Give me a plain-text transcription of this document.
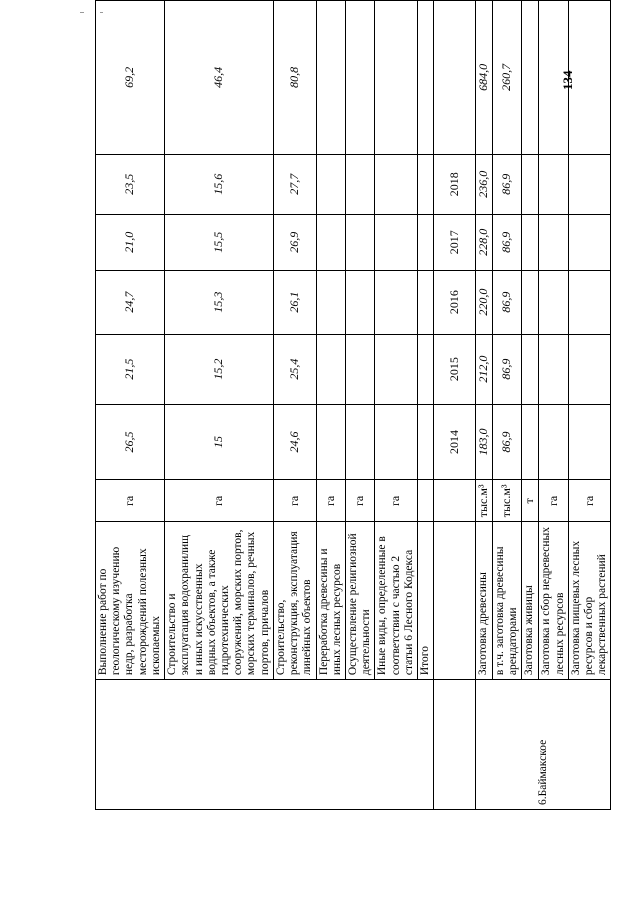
	Выполнение работ по геологическому изучению недр, разработка месторождений полезных ископаемых	га	26,5	21,5	24,7	21,0	23,5	69,2
	Строительство и эксплуатация водохранилищ и иных искусственных водных объектов, а также гидротехнических сооружений, морских портов, морских терминалов, речных портов, причалов	га	15	15,2	15,3	15,5	15,6	46,4
	Строительство, реконструкция, эксплуатация линейных объектов	га	24,6	25,4	26,1	26,9	27,7	80,8
	Переработка древесины и иных лесных ресурсов	га						
	Осуществление религиозной деятельности	га						
	Иные виды, определенные в соответствии с частью 2 статьи 6 Лесного Кодекса	га						
	Итого							
			2014	2015	2016	2017	2018	
6.Баймакское	Заготовка древесины	тыс.м³	183,0	212,0	220,0	228,0	236,0	684,0
	в т.ч. заготовка древесины арендаторами	тыс.м³	86,9	86,9	86,9	86,9	86,9	260,7
	Заготовка живицы	т						
	Заготовка и сбор недревесных лесных ресурсов	га						
	Заготовка пищевых лесных ресурсов и сбор лекарственных растений	га						
134
